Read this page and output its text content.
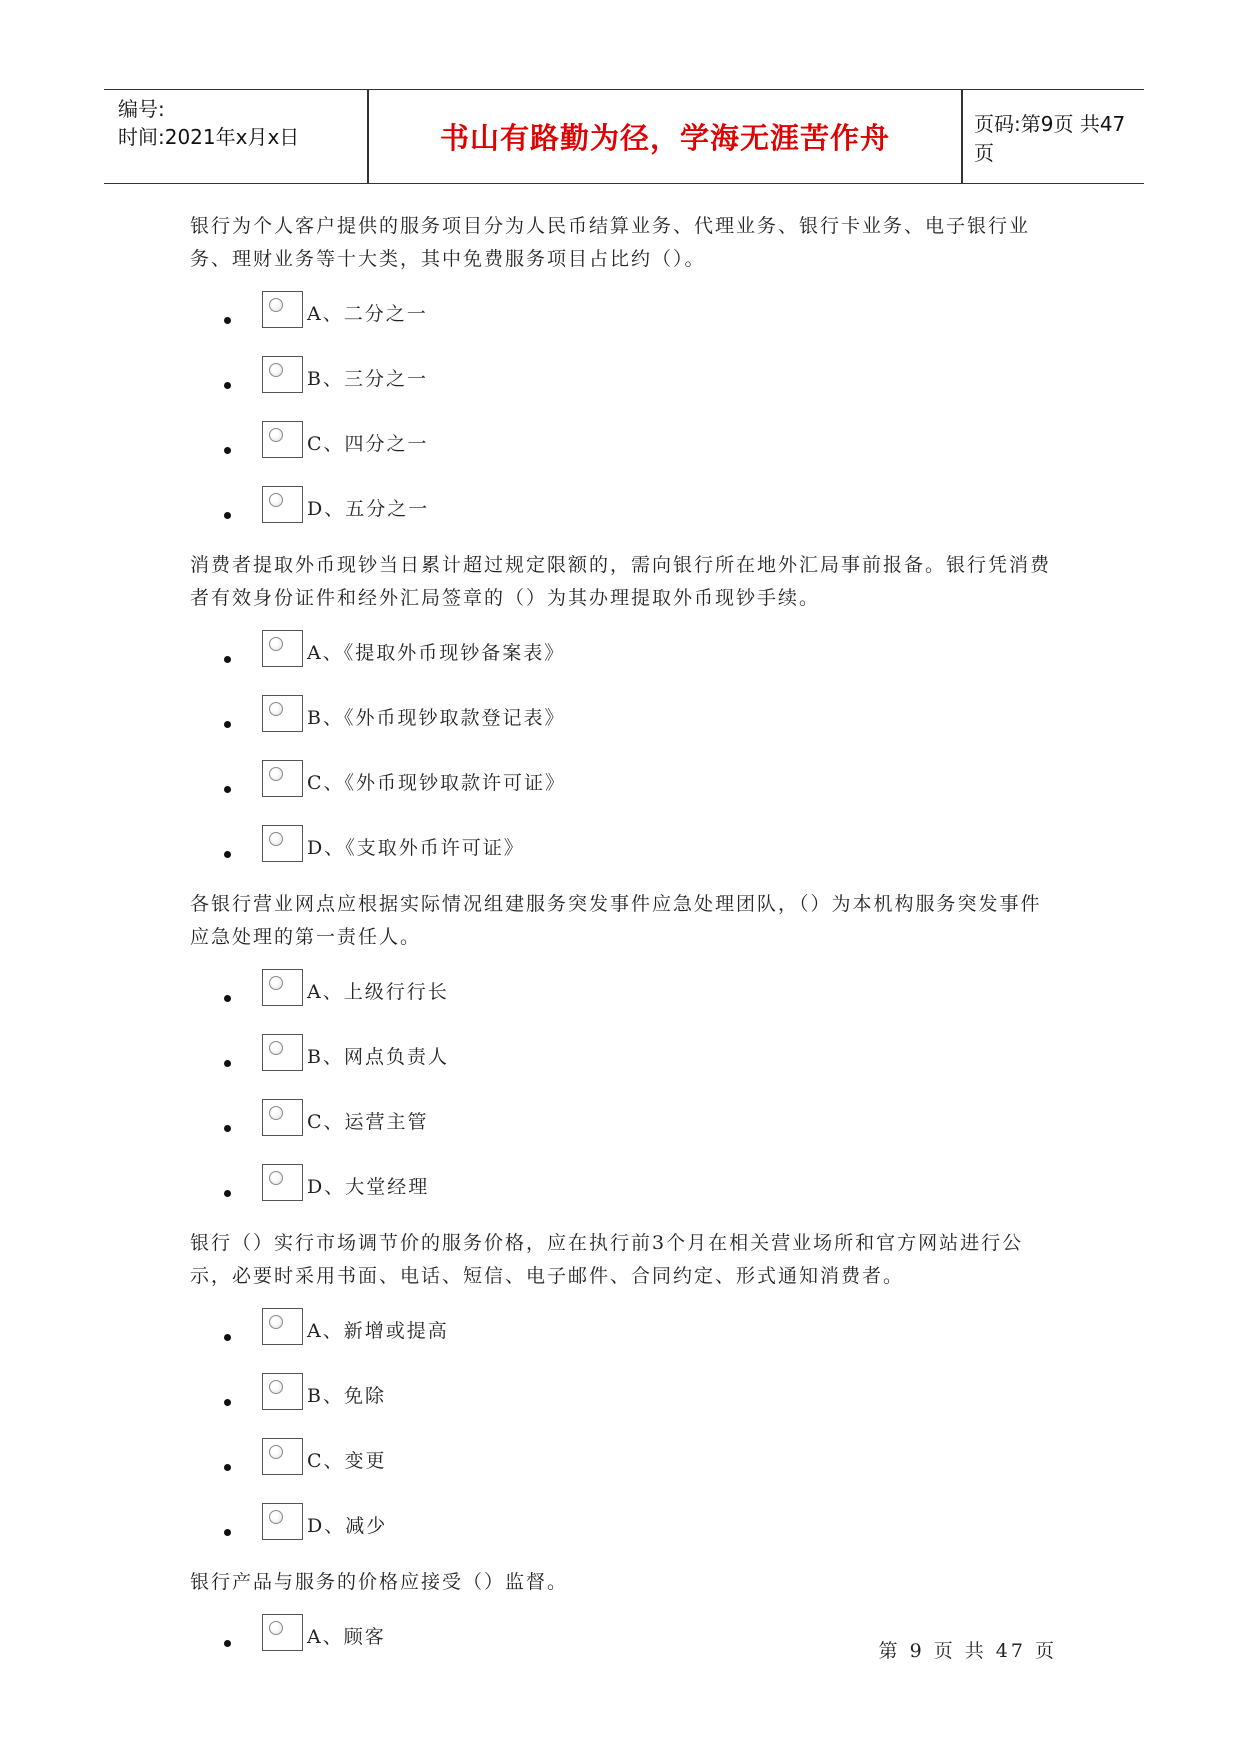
编号:
时间:2021年x月x日	书山有路勤为径，学海无涯苦作舟	页码:第9页 共47页

银行为个人客户提供的服务项目分为人民币结算业务、代理业务、银行卡业务、电子银行业务、理财业务等十大类，其中免费服务项目占比约（）。

A、二分之一
B、三分之一
C、四分之一
D、五分之一

消费者提取外币现钞当日累计超过规定限额的，需向银行所在地外汇局事前报备。银行凭消费者有效身份证件和经外汇局签章的（）为其办理提取外币现钞手续。

A、《提取外币现钞备案表》
B、《外币现钞取款登记表》
C、《外币现钞取款许可证》
D、《支取外币许可证》

各银行营业网点应根据实际情况组建服务突发事件应急处理团队，（）为本机构服务突发事件应急处理的第一责任人。

A、上级行行长
B、网点负责人
C、运营主管
D、大堂经理

银行（）实行市场调节价的服务价格，应在执行前3个月在相关营业场所和官方网站进行公示，必要时采用书面、电话、短信、电子邮件、合同约定、形式通知消费者。

A、新增或提高
B、免除
C、变更
D、减少

银行产品与服务的价格应接受（）监督。

A、顾客
第 9 页 共 47 页
